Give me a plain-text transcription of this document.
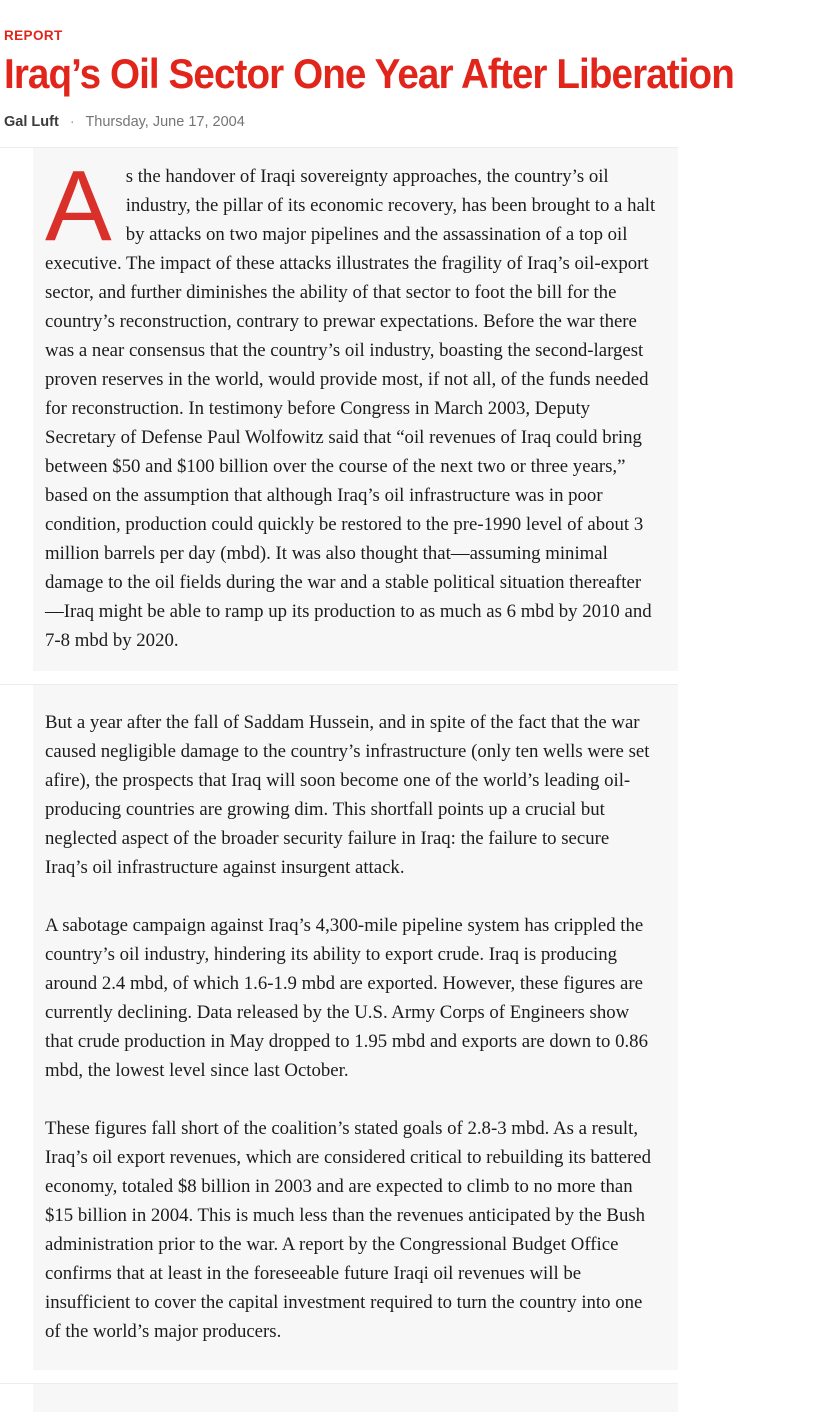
REPORT
Iraq’s Oil Sector One Year After Liberation
Gal Luft · Thursday, June 17, 2004

As the handover of Iraqi sovereignty approaches, the country’s oil industry, the pillar of its economic recovery, has been brought to a halt by attacks on two major pipelines and the assassination of a top oil executive. The impact of these attacks illustrates the fragility of Iraq’s oil-export sector, and further diminishes the ability of that sector to foot the bill for the country’s reconstruction, contrary to prewar expectations. Before the war there was a near consensus that the country’s oil industry, boasting the second-largest proven reserves in the world, would provide most, if not all, of the funds needed for reconstruction. In testimony before Congress in March 2003, Deputy Secretary of Defense Paul Wolfowitz said that “oil revenues of Iraq could bring between $50 and $100 billion over the course of the next two or three years,” based on the assumption that although Iraq’s oil infrastructure was in poor condition, production could quickly be restored to the pre-1990 level of about 3 million barrels per day (mbd). It was also thought that—assuming minimal damage to the oil fields during the war and a stable political situation thereafter—Iraq might be able to ramp up its production to as much as 6 mbd by 2010 and 7-8 mbd by 2020.

But a year after the fall of Saddam Hussein, and in spite of the fact that the war caused negligible damage to the country’s infrastructure (only ten wells were set afire), the prospects that Iraq will soon become one of the world’s leading oil-producing countries are growing dim. This shortfall points up a crucial but neglected aspect of the broader security failure in Iraq: the failure to secure Iraq’s oil infrastructure against insurgent attack.

A sabotage campaign against Iraq’s 4,300-mile pipeline system has crippled the country’s oil industry, hindering its ability to export crude. Iraq is producing around 2.4 mbd, of which 1.6-1.9 mbd are exported. However, these figures are currently declining. Data released by the U.S. Army Corps of Engineers show that crude production in May dropped to 1.95 mbd and exports are down to 0.86 mbd, the lowest level since last October.

These figures fall short of the coalition’s stated goals of 2.8-3 mbd. As a result, Iraq’s oil export revenues, which are considered critical to rebuilding its battered economy, totaled $8 billion in 2003 and are expected to climb to no more than $15 billion in 2004. This is much less than the revenues anticipated by the Bush administration prior to the war. A report by the Congressional Budget Office confirms that at least in the foreseeable future Iraqi oil revenues will be insufficient to cover the capital investment required to turn the country into one of the world’s major producers.
